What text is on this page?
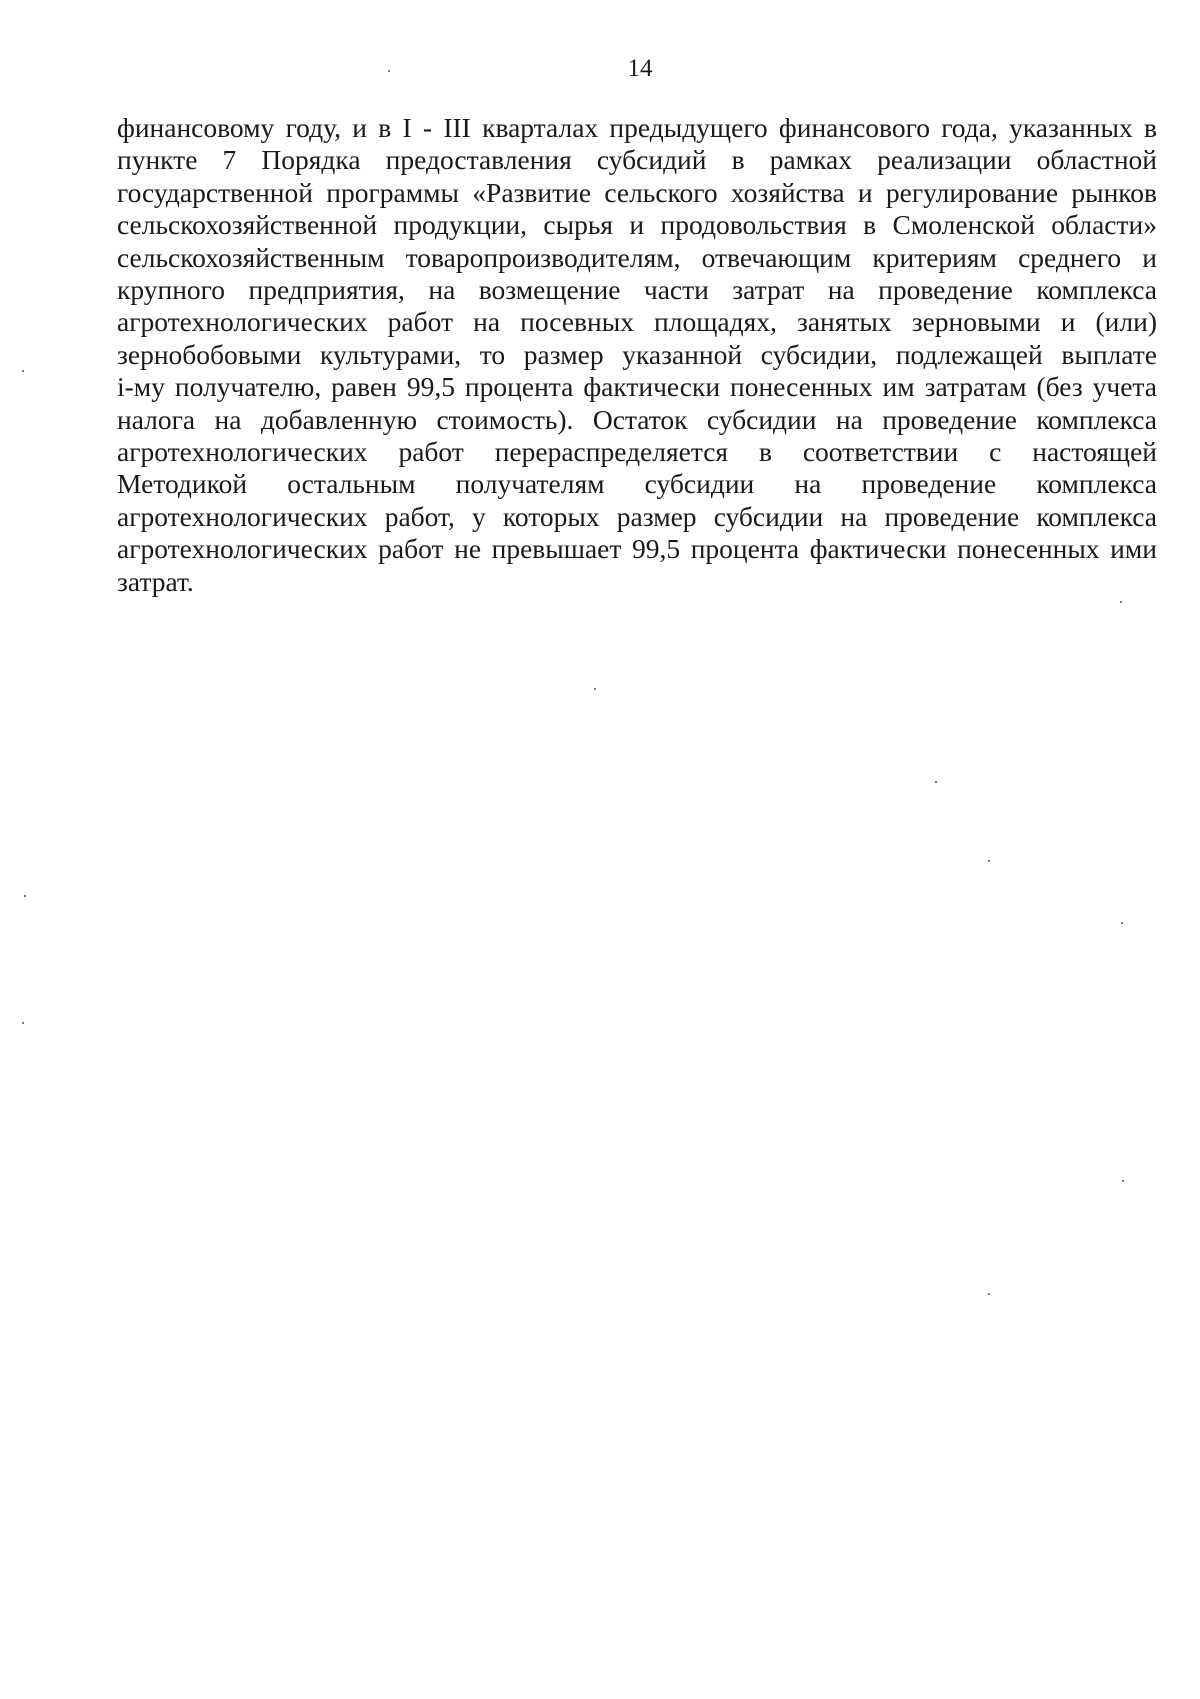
14
финансовому году, и в I - III кварталах предыдущего финансового года, указанных в
пункте 7 Порядка предоставления субсидий в рамках реализации областной
государственной программы «Развитие сельского хозяйства и регулирование рынков
сельскохозяйственной продукции, сырья и продовольствия в Смоленской области»
сельскохозяйственным товаропроизводителям, отвечающим критериям среднего и
крупного предприятия, на возмещение части затрат на проведение комплекса
агротехнологических работ на посевных площадях, занятых зерновыми и (или)
зернобобовыми культурами, то размер указанной субсидии, подлежащей выплате
i-му получателю, равен 99,5 процента фактически понесенных им затратам (без учета
налога на добавленную стоимость). Остаток субсидии на проведение комплекса
агротехнологических работ перераспределяется в соответствии с настоящей
Методикой остальным получателям субсидии на проведение комплекса
агротехнологических работ, у которых размер субсидии на проведение комплекса
агротехнологических работ не превышает 99,5 процента фактически понесенных ими
затрат.
